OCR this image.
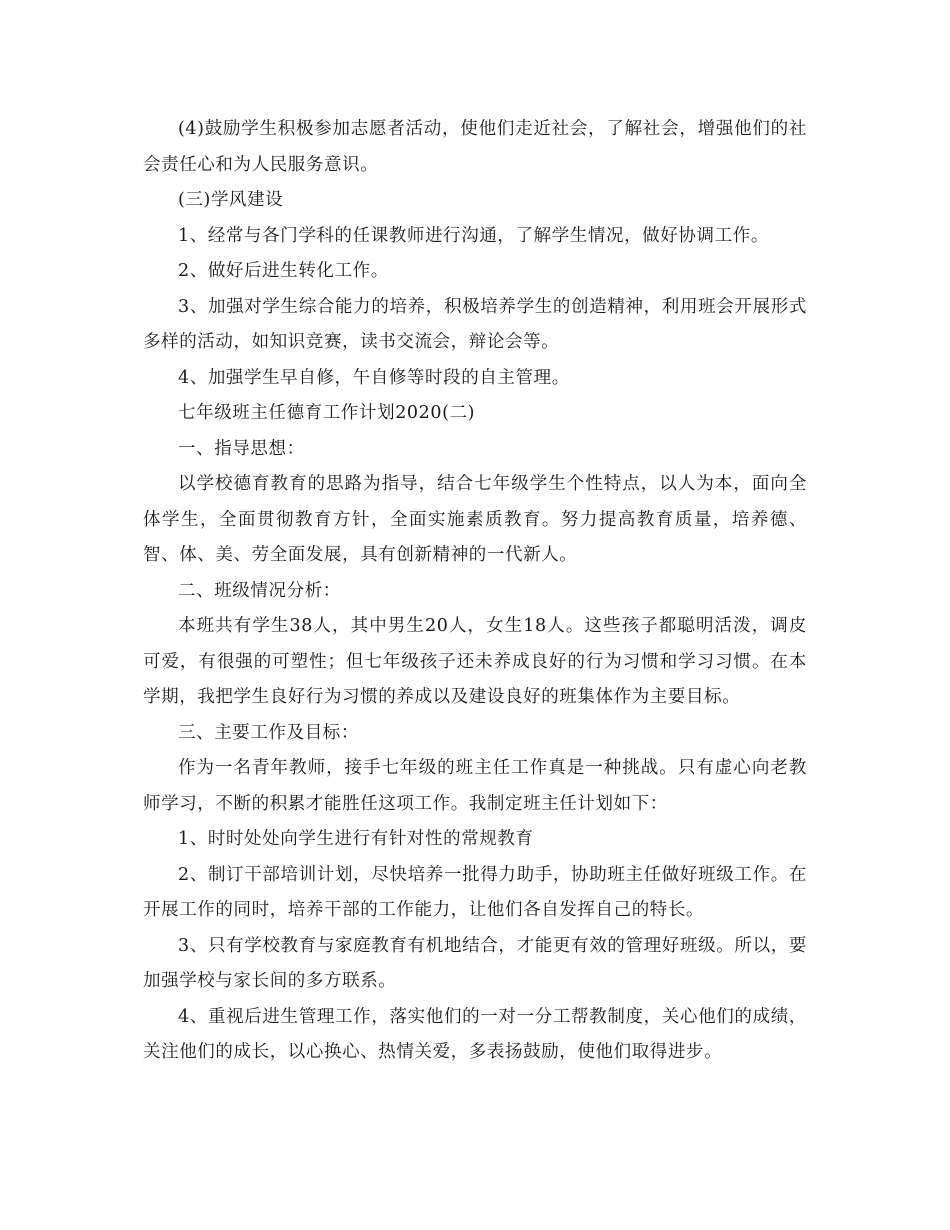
(4)鼓励学生积极参加志愿者活动，使他们走近社会，了解社会，增强他们的社会责任心和为人民服务意识。

(三)学风建设

1、经常与各门学科的任课教师进行沟通，了解学生情况，做好协调工作。

2、做好后进生转化工作。

3、加强对学生综合能力的培养，积极培养学生的创造精神，利用班会开展形式多样的活动，如知识竞赛，读书交流会，辩论会等。

4、加强学生早自修，午自修等时段的自主管理。

七年级班主任德育工作计划2020(二)

一、指导思想：

以学校德育教育的思路为指导，结合七年级学生个性特点，以人为本，面向全体学生，全面贯彻教育方针，全面实施素质教育。努力提高教育质量，培养德、智、体、美、劳全面发展，具有创新精神的一代新人。

二、班级情况分析：

本班共有学生38人，其中男生20人，女生18人。这些孩子都聪明活泼，调皮可爱，有很强的可塑性；但七年级孩子还未养成良好的行为习惯和学习习惯。在本学期，我把学生良好行为习惯的养成以及建设良好的班集体作为主要目标。

三、主要工作及目标：

作为一名青年教师，接手七年级的班主任工作真是一种挑战。只有虚心向老教师学习，不断的积累才能胜任这项工作。我制定班主任计划如下：

1、时时处处向学生进行有针对性的常规教育

2、制订干部培训计划，尽快培养一批得力助手，协助班主任做好班级工作。在开展工作的同时，培养干部的工作能力，让他们各自发挥自己的特长。

3、只有学校教育与家庭教育有机地结合，才能更有效的管理好班级。所以，要加强学校与家长间的多方联系。

4、重视后进生管理工作，落实他们的一对一分工帮教制度，关心他们的成绩，关注他们的成长，以心换心、热情关爱，多表扬鼓励，使他们取得进步。
